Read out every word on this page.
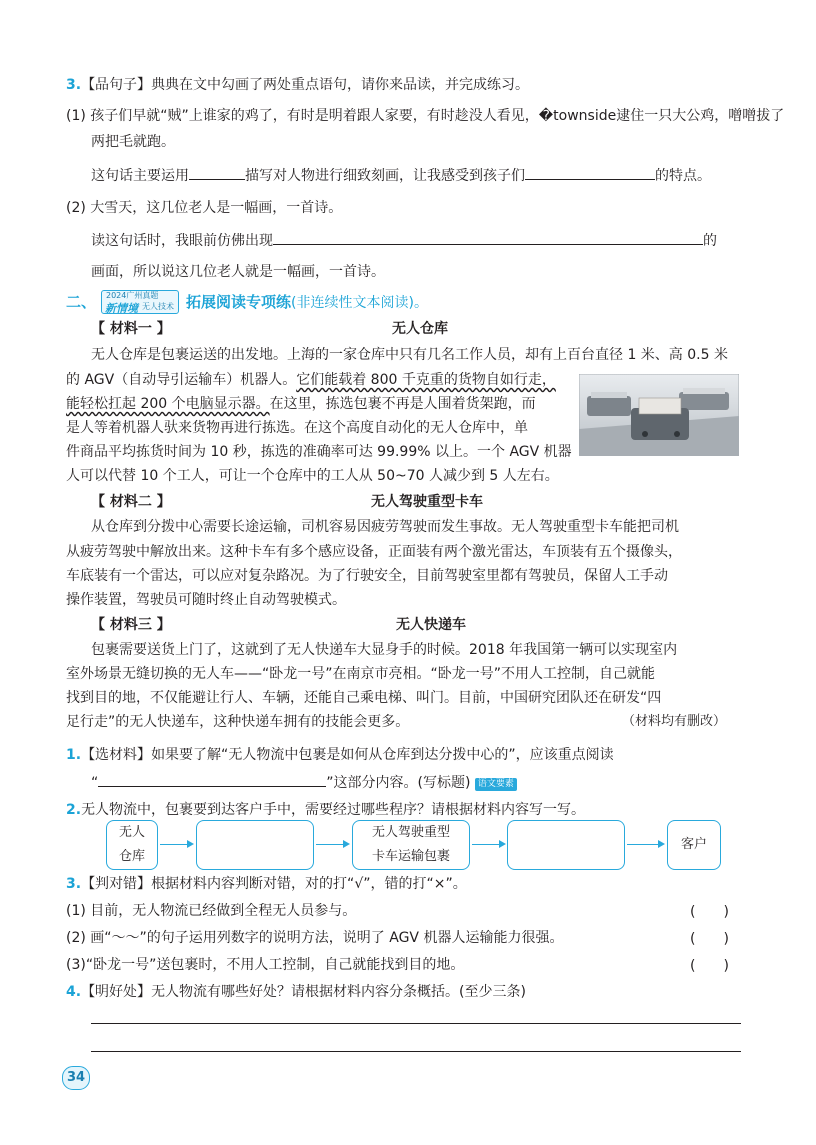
3.【品句子】典典在文中勾画了两处重点语句，请你来品读，并完成练习。
(1) 孩子们早就“贼”上谁家的鸡了，有时是明着跟人家要，有时趁没人看见，�townside逮住一只大公鸡，噌噌拔了
两把毛就跑。
这句话主要运用	描写对人物进行细致刻画，让我感受到孩子们	的特点。
(2) 大雪天，这几位老人是一幅画，一首诗。
读这句话时，我眼前仿佛出现	的
画面，所以说这几位老人就是一幅画，一首诗。
二、 2024广州真题
新情境 无人技术 拓展阅读专项练(非连续性文本阅读)。
【 材料一 】	无人仓库
无人仓库是包裹运送的出发地。上海的一家仓库中只有几名工作人员，却有上百台直径 1 米、高 0.5 米
的 AGV（自动导引运输车）机器人。它们能载着 800 千克重的货物自如行走，
能轻松扛起 200 个电脑显示器。在这里，拣选包裹不再是人围着货架跑，而
是人等着机器人驮来货物再进行拣选。在这个高度自动化的无人仓库中，单
件商品平均拣货时间为 10 秒，拣选的准确率可达 99.99% 以上。一个 AGV 机器
人可以代替 10 个工人，可让一个仓库中的工人从 50~70 人减少到 5 人左右。
【 材料二 】	无人驾驶重型卡车
从仓库到分拨中心需要长途运输，司机容易因疲劳驾驶而发生事故。无人驾驶重型卡车能把司机
从疲劳驾驶中解放出来。这种卡车有多个感应设备，正面装有两个激光雷达，车顶装有五个摄像头，
车底装有一个雷达，可以应对复杂路况。为了行驶安全，目前驾驶室里都有驾驶员，保留人工手动
操作装置，驾驶员可随时终止自动驾驶模式。
【 材料三 】	无人快递车
包裹需要送货上门了，这就到了无人快递车大显身手的时候。2018 年我国第一辆可以实现室内
室外场景无缝切换的无人车——“卧龙一号”在南京市亮相。“卧龙一号”不用人工控制，自己就能
找到目的地，不仅能避让行人、车辆，还能自己乘电梯、叫门。目前，中国研究团队还在研发“四
足行走”的无人快递车，这种快递车拥有的技能会更多。	（材料均有删改）
1.【选材料】如果要了解“无人物流中包裹是如何从仓库到达分拨中心的”，应该重点阅读
“	”这部分内容。(写标题) 语文要素
2.无人物流中，包裹要到达客户手中，需要经过哪些程序？请根据材料内容写一写。
无人
仓库
无人驾驶重型
卡车运输包裹
客户
3.【判对错】根据材料内容判断对错，对的打“√”，错的打“×”。
(1) 目前，无人物流已经做到全程无人员参与。	(　　)
(2) 画“～～”的句子运用列数字的说明方法，说明了 AGV 机器人运输能力很强。	(　　)
(3)“卧龙一号”送包裹时，不用人工控制，自己就能找到目的地。	(　　)
4.【明好处】无人物流有哪些好处？请根据材料内容分条概括。(至少三条)
34
